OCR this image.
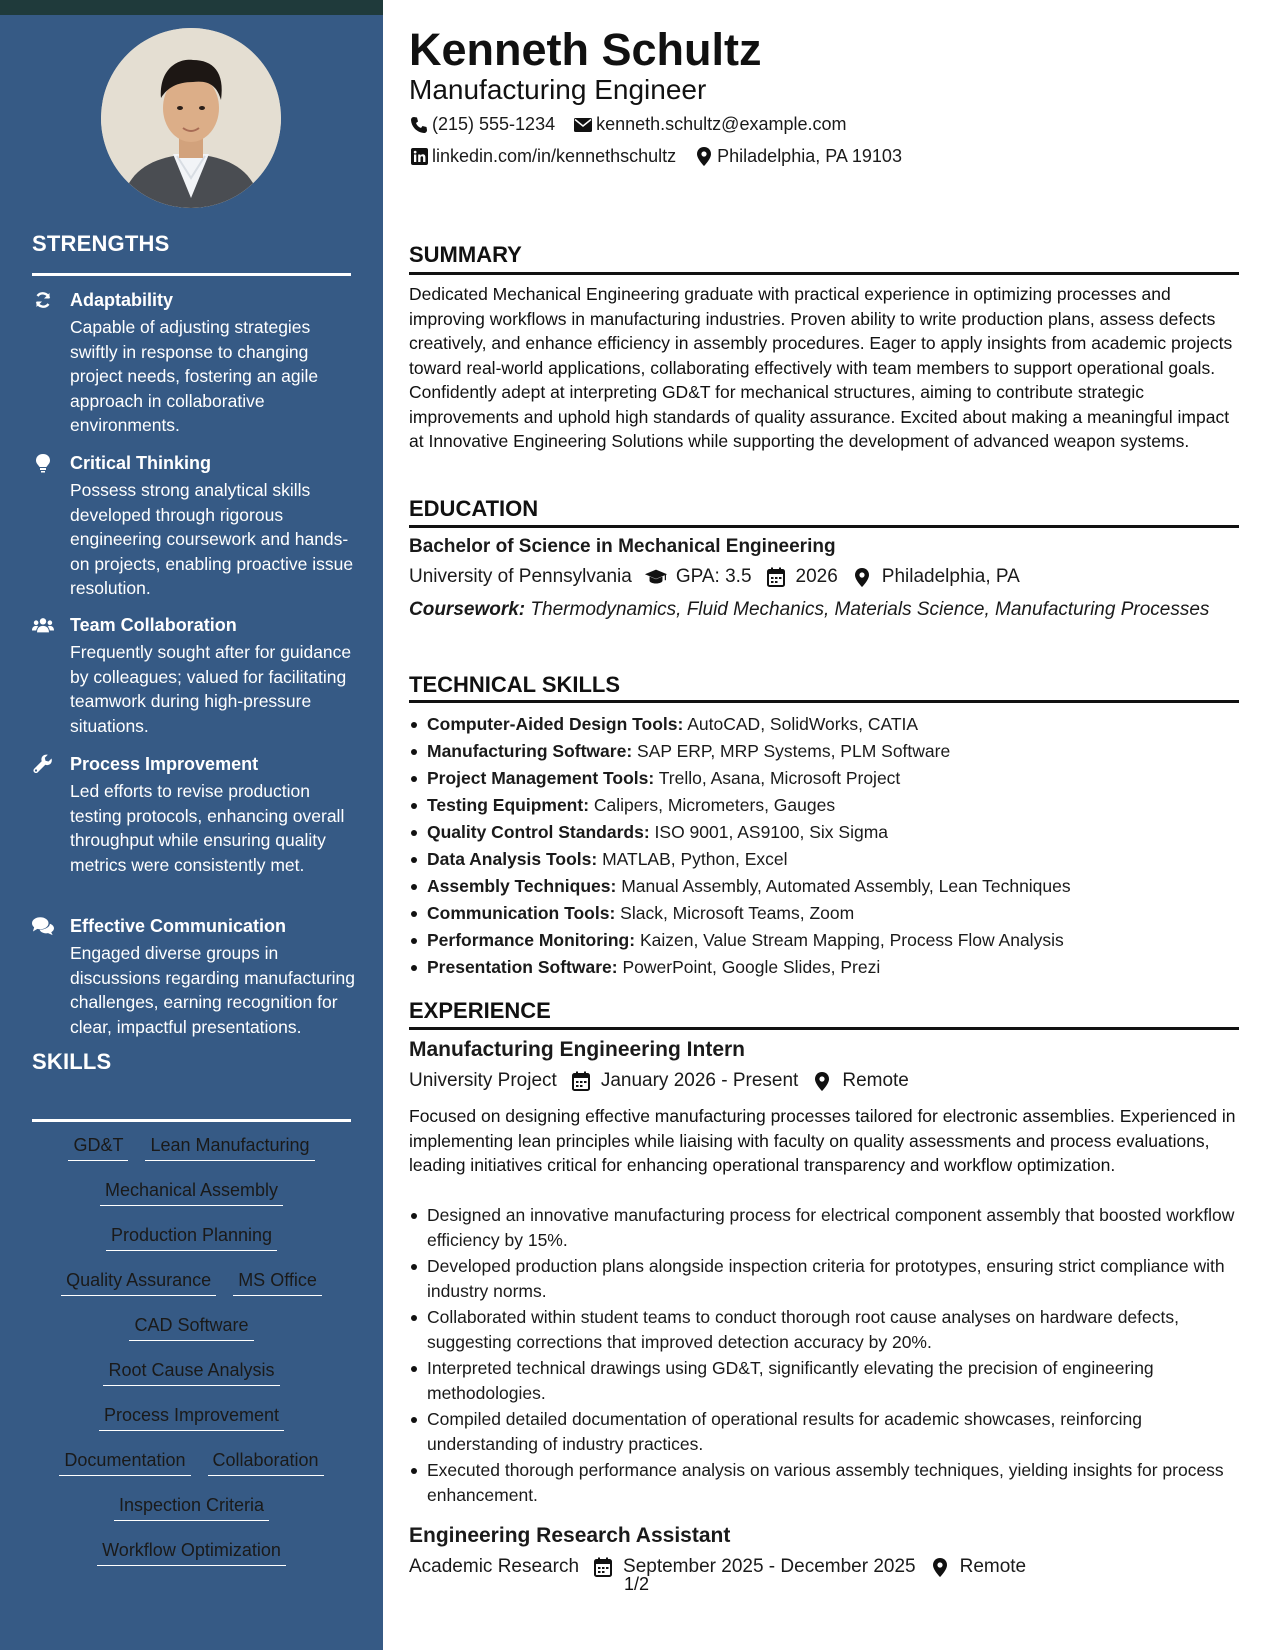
STRENGTHS
Adaptability
Capable of adjusting strategies swiftly in response to changing project needs, fostering an agile approach in collaborative environments.
Critical Thinking
Possess strong analytical skills developed through rigorous engineering coursework and hands-on projects, enabling proactive issue resolution.
Team Collaboration
Frequently sought after for guidance by colleagues; valued for facilitating teamwork during high-pressure situations.
Process Improvement
Led efforts to revise production testing protocols, enhancing overall throughput while ensuring quality metrics were consistently met.
Effective Communication
Engaged diverse groups in discussions regarding manufacturing challenges, earning recognition for clear, impactful presentations.
SKILLS
GD&T Lean Manufacturing
Mechanical Assembly
Production Planning
Quality Assurance MS Office
CAD Software
Root Cause Analysis
Process Improvement
Documentation Collaboration
Inspection Criteria
Workflow Optimization
Kenneth Schultz
Manufacturing Engineer
(215) 555-1234 kenneth.schultz@example.com
linkedin.com/in/kennethschultz Philadelphia, PA 19103
SUMMARY

Dedicated Mechanical Engineering graduate with practical experience in optimizing processes and improving workflows in manufacturing industries. Proven ability to write production plans, assess defects creatively, and enhance efficiency in assembly procedures. Eager to apply insights from academic projects toward real-world applications, collaborating effectively with team members to support operational goals. Confidently adept at interpreting GD&T for mechanical structures, aiming to contribute strategic improvements and uphold high standards of quality assurance. Excited about making a meaningful impact at Innovative Engineering Solutions while supporting the development of advanced weapon systems.

EDUCATION
Bachelor of Science in Mechanical Engineering
University of Pennsylvania GPA: 3.5 2026 Philadelphia, PA
Coursework: Thermodynamics, Fluid Mechanics, Materials Science, Manufacturing Processes
TECHNICAL SKILLS
Computer-Aided Design Tools: AutoCAD, SolidWorks, CATIA
Manufacturing Software: SAP ERP, MRP Systems, PLM Software
Project Management Tools: Trello, Asana, Microsoft Project
Testing Equipment: Calipers, Micrometers, Gauges
Quality Control Standards: ISO 9001, AS9100, Six Sigma
Data Analysis Tools: MATLAB, Python, Excel
Assembly Techniques: Manual Assembly, Automated Assembly, Lean Techniques
Communication Tools: Slack, Microsoft Teams, Zoom
Performance Monitoring: Kaizen, Value Stream Mapping, Process Flow Analysis
Presentation Software: PowerPoint, Google Slides, Prezi
EXPERIENCE
Manufacturing Engineering Intern
University Project January 2026 - Present Remote

Focused on designing effective manufacturing processes tailored for electronic assemblies. Experienced in implementing lean principles while liaising with faculty on quality assessments and process evaluations, leading initiatives critical for enhancing operational transparency and workflow optimization.

Designed an innovative manufacturing process for electrical component assembly that boosted workflow efficiency by 15%.
Developed production plans alongside inspection criteria for prototypes, ensuring strict compliance with industry norms.
Collaborated within student teams to conduct thorough root cause analyses on hardware defects, suggesting corrections that improved detection accuracy by 20%.
Interpreted technical drawings using GD&T, significantly elevating the precision of engineering methodologies.
Compiled detailed documentation of operational results for academic showcases, reinforcing understanding of industry practices.
Executed thorough performance analysis on various assembly techniques, yielding insights for process enhancement.
Engineering Research Assistant
Academic Research September 2025 - December 2025 Remote
1/2
